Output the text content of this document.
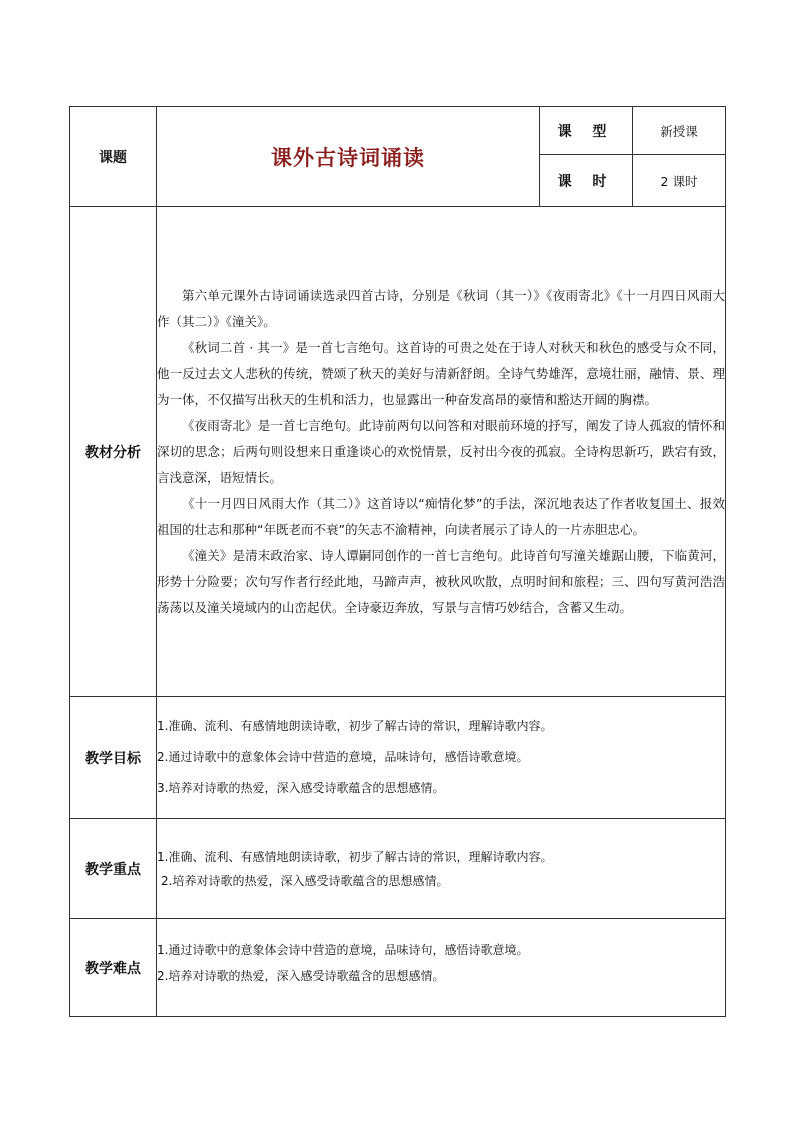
课题	课外古诗词诵读	课 型	新授课
		课 时	2 课时
教材分析	第六单元课外古诗词诵读选录四首古诗，分别是《秋词（其一）》《夜雨寄北》《十一月四日风雨大作（其二）》《潼关》。

《秋词二首 · 其一》是一首七言绝句。这首诗的可贵之处在于诗人对秋天和秋色的感受与众不同，他一反过去文人悲秋的传统，赞颂了秋天的美好与清新舒朗。全诗气势雄浑，意境壮丽，融情、景、理为一体，不仅描写出秋天的生机和活力，也显露出一种奋发高昂的豪情和豁达开阔的胸襟。

《夜雨寄北》是一首七言绝句。此诗前两句以问答和对眼前环境的抒写，阐发了诗人孤寂的情怀和深切的思念；后两句则设想来日重逢谈心的欢悦情景，反衬出今夜的孤寂。全诗构思新巧，跌宕有致，言浅意深，语短情长。

《十一月四日风雨大作（其二）》这首诗以“痴情化梦”的手法，深沉地表达了作者收复国土、报效祖国的壮志和那种“年既老而不衰”的矢志不渝精神，向读者展示了诗人的一片赤胆忠心。

《潼关》是清末政治家、诗人谭嗣同创作的一首七言绝句。此诗首句写潼关雄踞山腰，下临黄河，形势十分险要；次句写作者行经此地，马蹄声声，被秋风吹散，点明时间和旅程；三、四句写黄河浩浩荡荡以及潼关境域内的山峦起伏。全诗豪迈奔放，写景与言情巧妙结合，含蓄又生动。		

教学目标	1.准确、流利、有感情地朗读诗歌，初步了解古诗的常识，理解诗歌内容。

2.通过诗歌中的意象体会诗中营造的意境，品味诗句，感悟诗歌意境。

3.培养对诗歌的热爱，深入感受诗歌蕴含的思想感情。		

教学重点	1.准确、流利、有感情地朗读诗歌，初步了解古诗的常识，理解诗歌内容。

2.培养对诗歌的热爱，深入感受诗歌蕴含的思想感情。		

教学难点	1.通过诗歌中的意象体会诗中营造的意境，品味诗句，感悟诗歌意境。

2.培养对诗歌的热爱，深入感受诗歌蕴含的思想感情。		
